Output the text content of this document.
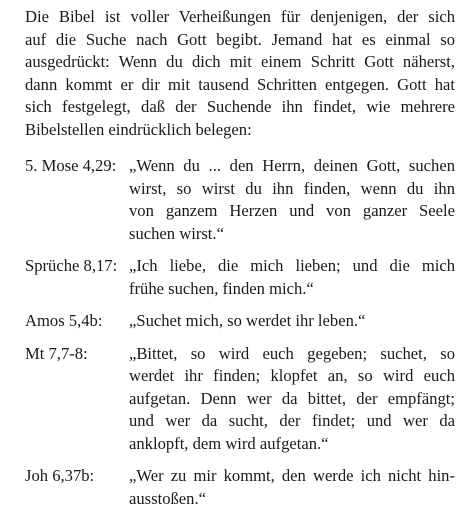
Die Bibel ist voller Verheißungen für denjenigen, der sich
auf die Suche nach Gott begibt. Jemand hat es einmal so
ausgedrückt: Wenn du dich mit einem Schritt Gott näherst,
dann kommt er dir mit tausend Schritten entgegen. Gott hat
sich festgelegt, daß der Suchende ihn findet, wie mehrere
Bibelstellen eindrücklich belegen:

5. Mose 4,29: „Wenn du ... den Herrn, deinen Gott, suchen
wirst, so wirst du ihn finden, wenn du ihn
von ganzem Herzen und von ganzer Seele
suchen wirst.“
Sprüche 8,17: „Ich liebe, die mich lieben; und die mich
frühe suchen, finden mich.“
Amos 5,4b:	„Suchet mich, so werdet ihr leben.“
Mt 7,7-8:	„Bittet, so wird euch gegeben; suchet, so
werdet ihr finden; klopfet an, so wird euch
aufgetan. Denn wer da bittet, der empfängt;
und wer da sucht, der findet; und wer da
anklopft, dem wird aufgetan.“
Joh 6,37b:	„Wer zu mir kommt, den werde ich nicht hin-
ausstoßen.“
